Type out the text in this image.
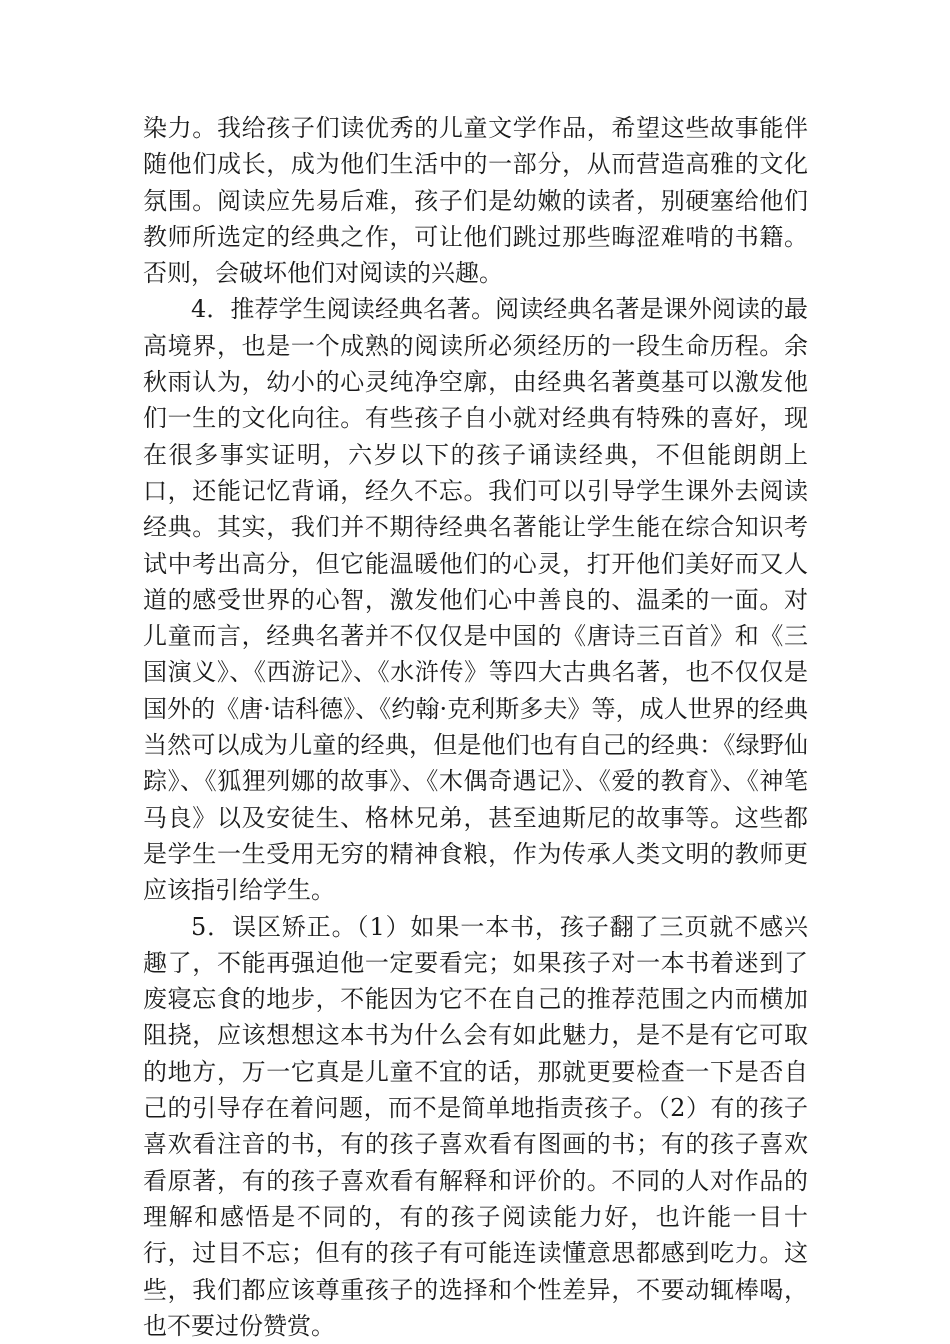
染力。我给孩子们读优秀的儿童文学作品，希望这些故事能伴随他们成长，成为他们生活中的一部分，从而营造高雅的文化氛围。阅读应先易后难，孩子们是幼嫩的读者，别硬塞给他们教师所选定的经典之作，可让他们跳过那些晦涩难啃的书籍。否则，会破坏他们对阅读的兴趣。

4．推荐学生阅读经典名著。阅读经典名著是课外阅读的最高境界，也是一个成熟的阅读所必须经历的一段生命历程。余秋雨认为，幼小的心灵纯净空廓，由经典名著奠基可以激发他们一生的文化向往。有些孩子自小就对经典有特殊的喜好，现在很多事实证明，六岁以下的孩子诵读经典，不但能朗朗上口，还能记忆背诵，经久不忘。我们可以引导学生课外去阅读经典。其实，我们并不期待经典名著能让学生能在综合知识考试中考出高分，但它能温暖他们的心灵，打开他们美好而又人道的感受世界的心智，激发他们心中善良的、温柔的一面。对儿童而言，经典名著并不仅仅是中国的《唐诗三百首》和《三国演义》、《西游记》、《水浒传》等四大古典名著，也不仅仅是国外的《唐·诘科德》、《约翰·克利斯多夫》等，成人世界的经典当然可以成为儿童的经典，但是他们也有自己的经典：《绿野仙踪》、《狐狸列娜的故事》、《木偶奇遇记》、《爱的教育》、《神笔马良》以及安徒生、格林兄弟，甚至迪斯尼的故事等。这些都是学生一生受用无穷的精神食粮，作为传承人类文明的教师更应该指引给学生。

5．误区矫正。（1）如果一本书，孩子翻了三页就不感兴趣了，不能再强迫他一定要看完；如果孩子对一本书着迷到了废寝忘食的地步，不能因为它不在自己的推荐范围之内而横加阻挠，应该想想这本书为什么会有如此魅力，是不是有它可取的地方，万一它真是儿童不宜的话，那就更要检查一下是否自己的引导存在着问题，而不是简单地指责孩子。（2）有的孩子喜欢看注音的书，有的孩子喜欢看有图画的书；有的孩子喜欢看原著，有的孩子喜欢看有解释和评价的。不同的人对作品的理解和感悟是不同的，有的孩子阅读能力好，也许能一目十行，过目不忘；但有的孩子有可能连读懂意思都感到吃力。这些，我们都应该尊重孩子的选择和个性差异，不要动辄棒喝，也不要过份赞赏。
